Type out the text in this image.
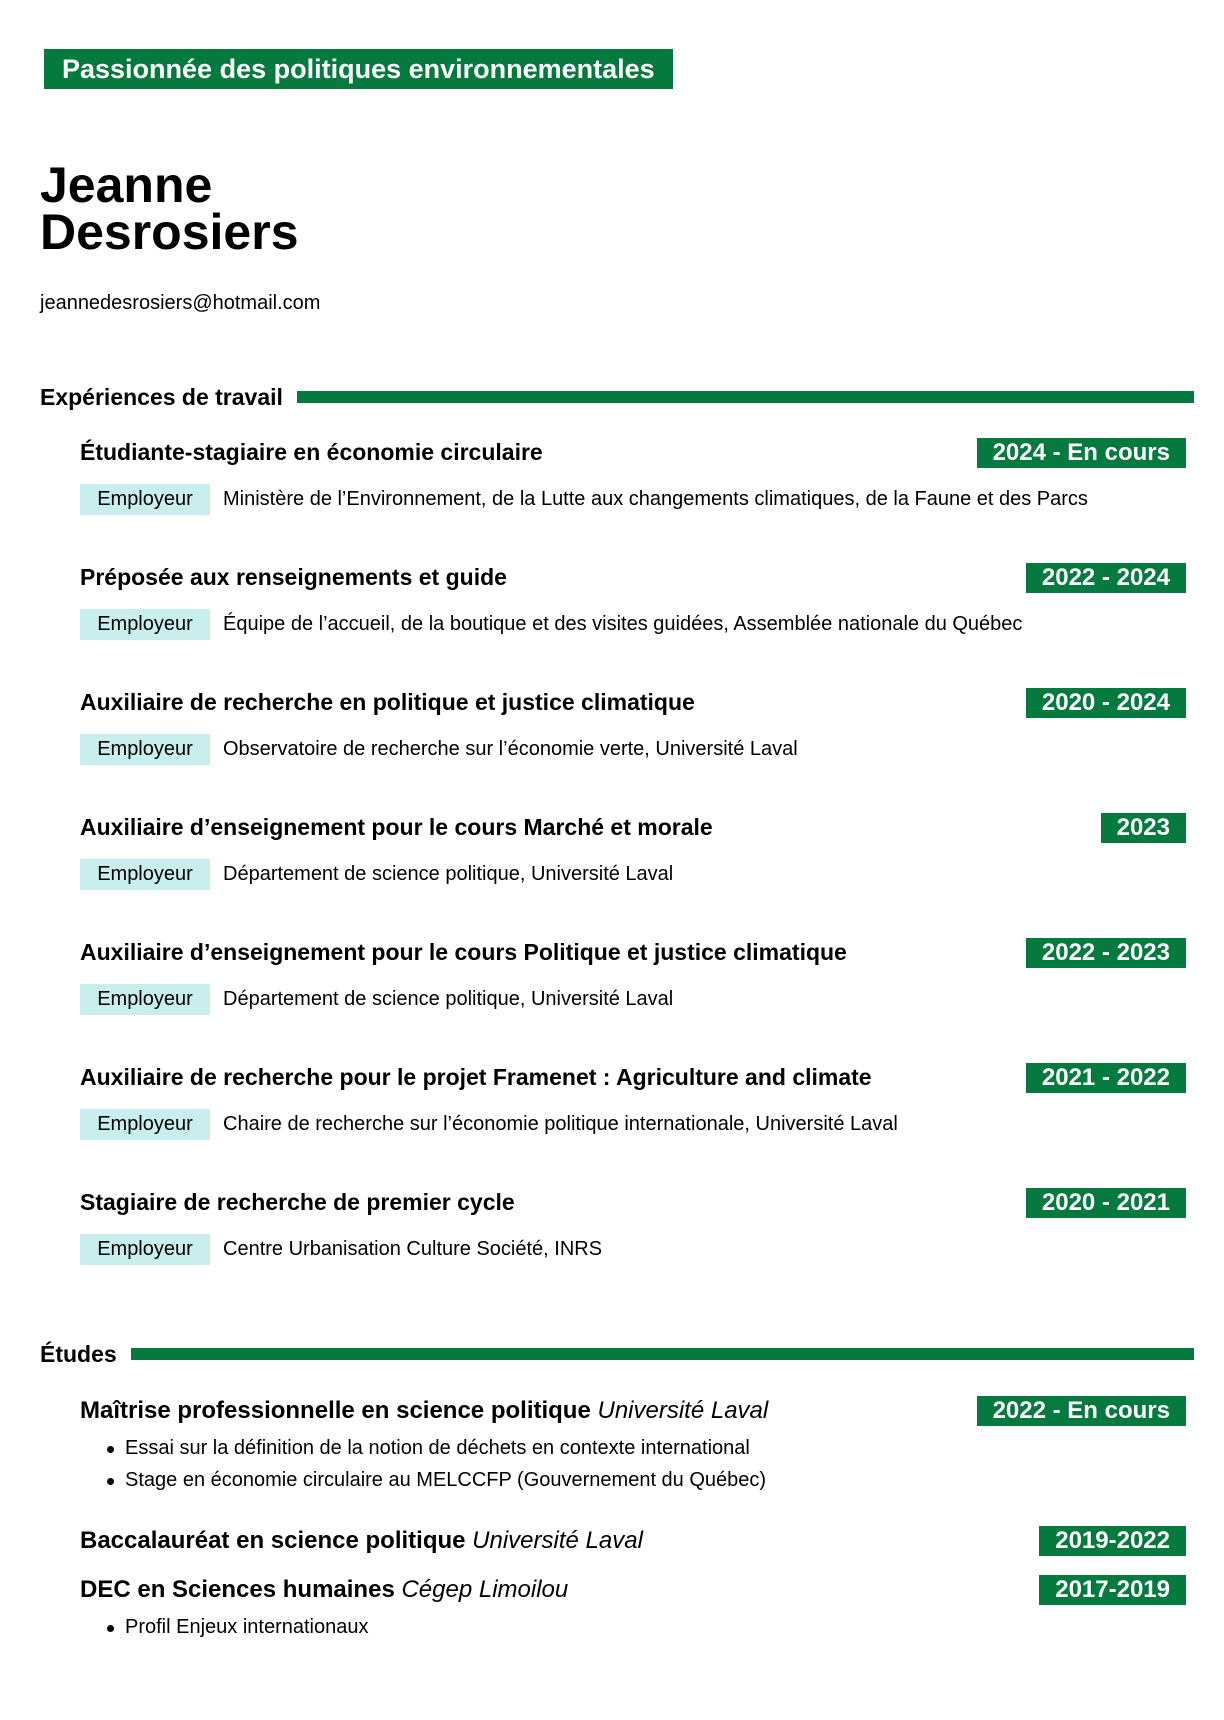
Passionnée des politiques environnementales
Jeanne
Desrosiers
jeannedesrosiers@hotmail.com
Expériences de travail
Étudiante-stagiaire en économie circulaire	2024 - En cours
Employeur	Ministère de l’Environnement, de la Lutte aux changements climatiques, de la Faune et des Parcs
Préposée aux renseignements et guide	2022 - 2024
Employeur	Équipe de l’accueil, de la boutique et des visites guidées, Assemblée nationale du Québec
Auxiliaire de recherche en politique et justice climatique	2020 - 2024
Employeur	Observatoire de recherche sur l’économie verte, Université Laval
Auxiliaire d’enseignement pour le cours Marché et morale	2023
Employeur	Département de science politique, Université Laval
Auxiliaire d’enseignement pour le cours Politique et justice climatique	2022 - 2023
Employeur	Département de science politique, Université Laval
Auxiliaire de recherche pour le projet Framenet : Agriculture and climate	2021 - 2022
Employeur	Chaire de recherche sur l’économie politique internationale, Université Laval
Stagiaire de recherche de premier cycle	2020 - 2021
Employeur	Centre Urbanisation Culture Société, INRS
Études
Maîtrise professionnelle en science politique Université Laval	2022 - En cours
Essai sur la définition de la notion de déchets en contexte international
Stage en économie circulaire au MELCCFP (Gouvernement du Québec)
Baccalauréat en science politique Université Laval	2019-2022
DEC en Sciences humaines Cégep Limoilou	2017-2019
Profil Enjeux internationaux
